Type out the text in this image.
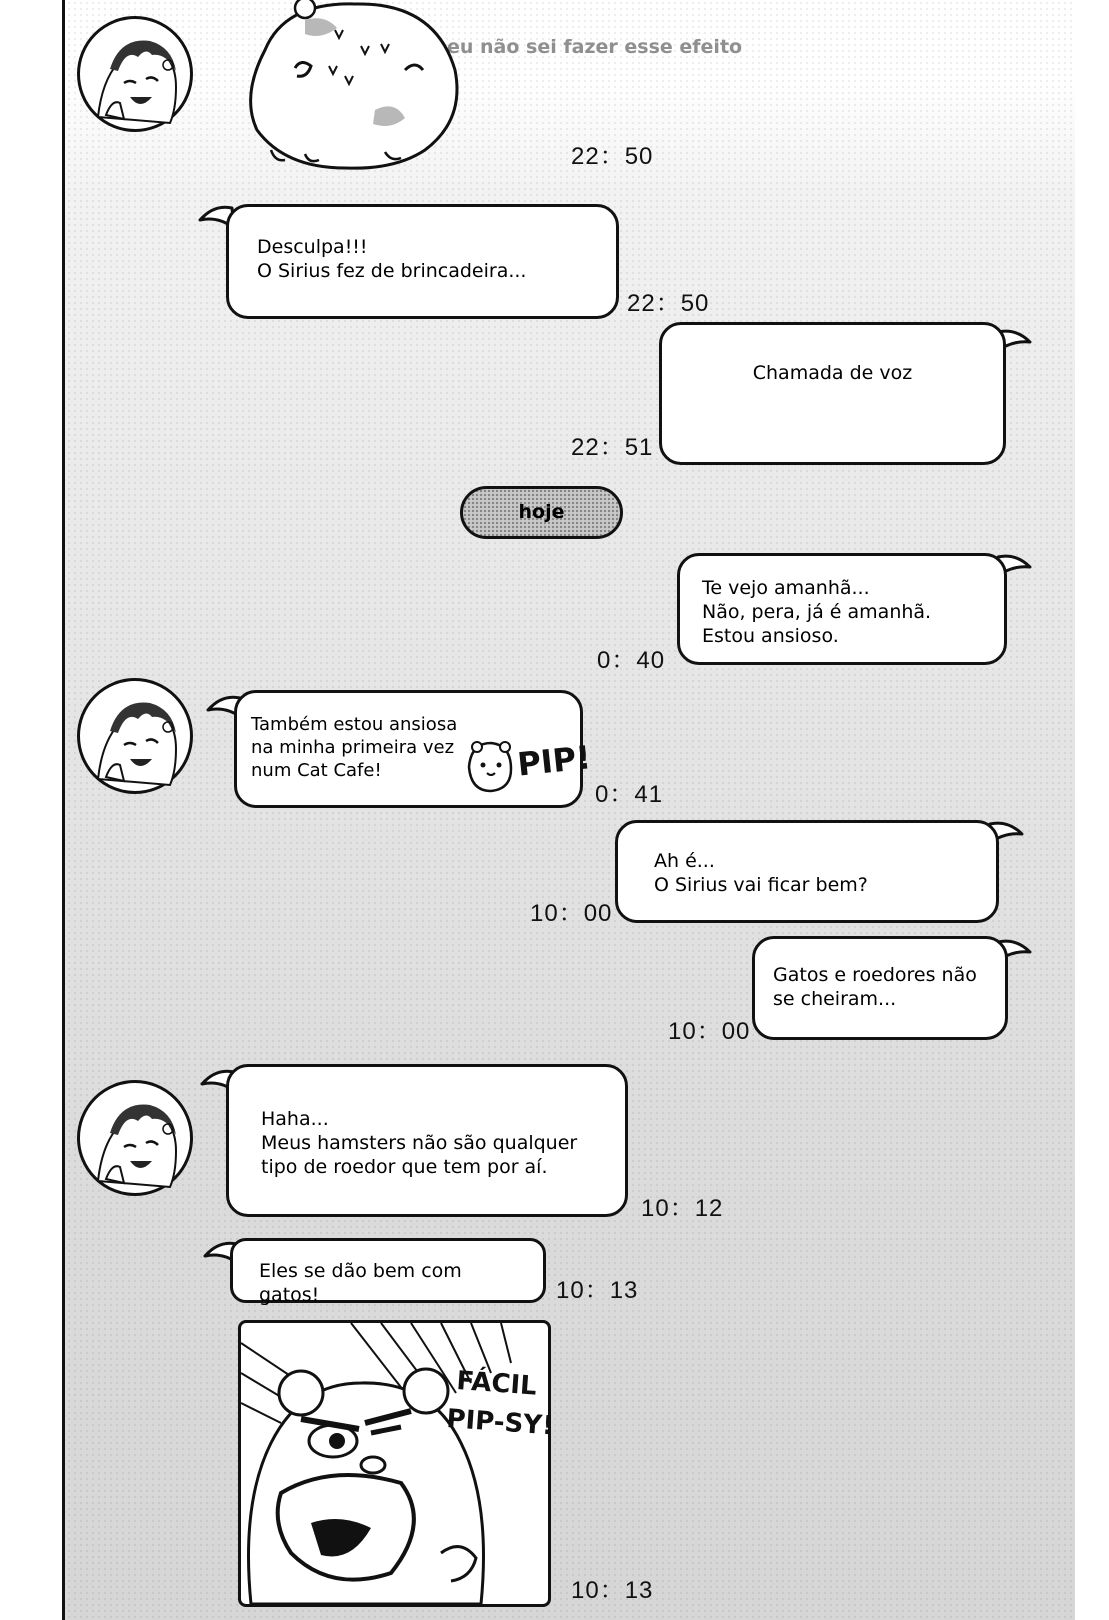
eu não sei fazer esse efeito
22：50
Desculpa!!!
O Sirius fez de brincadeira...
22：50
Chamada de voz
22：51
hoje
Te vejo amanhã...
Não, pera, já é amanhã.
Estou ansioso.
0：40
Também estou ansiosa
na minha primeira vez
num Cat Cafe!	PIP!
0：41
Ah é...
O Sirius vai ficar bem?
10：00
Gatos e roedores não
se cheiram...
10：00
Haha...
Meus hamsters não são qualquer
tipo de roedor que tem por aí.
10：12
Eles se dão bem com gatos!	10：13
FÁCIL
PIP-SY!
10：13
